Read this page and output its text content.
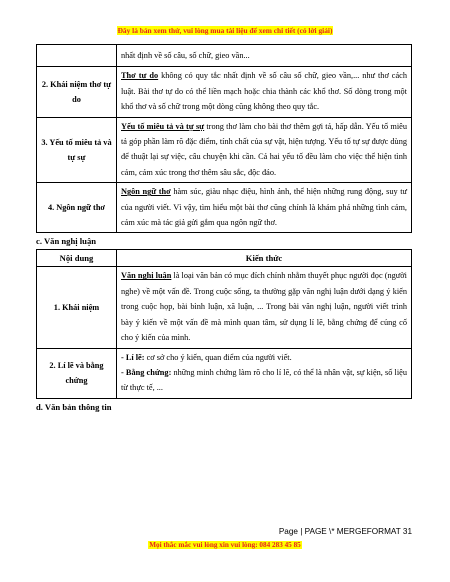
Đây là bản xem thử, vui lòng mua tài liệu để xem chi tiết (có lời giải)
	nhất định về số câu, số chữ, gieo vần...
2. Khái niệm thơ tự do	Thơ tự do không có quy tắc nhất định về số câu số chữ, gieo vần,... như thơ cách luật. Bài thơ tự do có thể liền mạch hoặc chia thành các khổ thơ. Số dòng trong một khổ thơ và số chữ trong một dòng cũng không theo quy tắc.
3. Yếu tố miêu tả và tự sự	Yếu tố miêu tả và tự sự trong thơ làm cho bài thơ thêm gợi tả, hấp dẫn. Yếu tố miêu tả góp phần làm rõ đặc điểm, tính chất của sự vật, hiện tượng. Yếu tố tự sự được dùng để thuật lại sự việc, câu chuyện khi cần. Cả hai yếu tố đều làm cho việc thể hiện tình cảm, cảm xúc trong thơ thêm sâu sắc, độc đáo.
4. Ngôn ngữ thơ	Ngôn ngữ thơ hàm súc, giàu nhạc điệu, hình ảnh, thể hiện những rung động, suy tư của người viết. Vì vậy, tìm hiểu một bài thơ cũng chính là khám phá những tình cảm, cảm xúc mà tác giả gửi gắm qua ngôn ngữ thơ.
c. Văn nghị luận
Nội dung	Kiến thức
1. Khái niệm	Văn nghị luận là loại văn bản có mục đích chính nhằm thuyết phục người đọc (người nghe) về một vấn đề. Trong cuộc sống, ta thường gặp văn nghị luận dưới dạng ý kiến trong cuộc họp, bài bình luận, xã luận, ... Trong bài văn nghị luận, người viết trình bày ý kiến về một vấn đề mà mình quan tâm, sử dụng lí lẽ, bằng chứng để củng cố cho ý kiến của mình.
2. Lí lẽ và bằng chứng	- Lí lẽ: cơ sở cho ý kiến, quan điểm của người viết.
- Bằng chứng: những minh chứng làm rõ cho lí lẽ, có thể là nhân vật, sự kiện, số liệu từ thực tế, ...
d. Văn bản thông tin
Page | PAGE \* MERGEFORMAT 31
Mọi thắc mắc vui lòng xin vui lòng: 084 283 45 85
